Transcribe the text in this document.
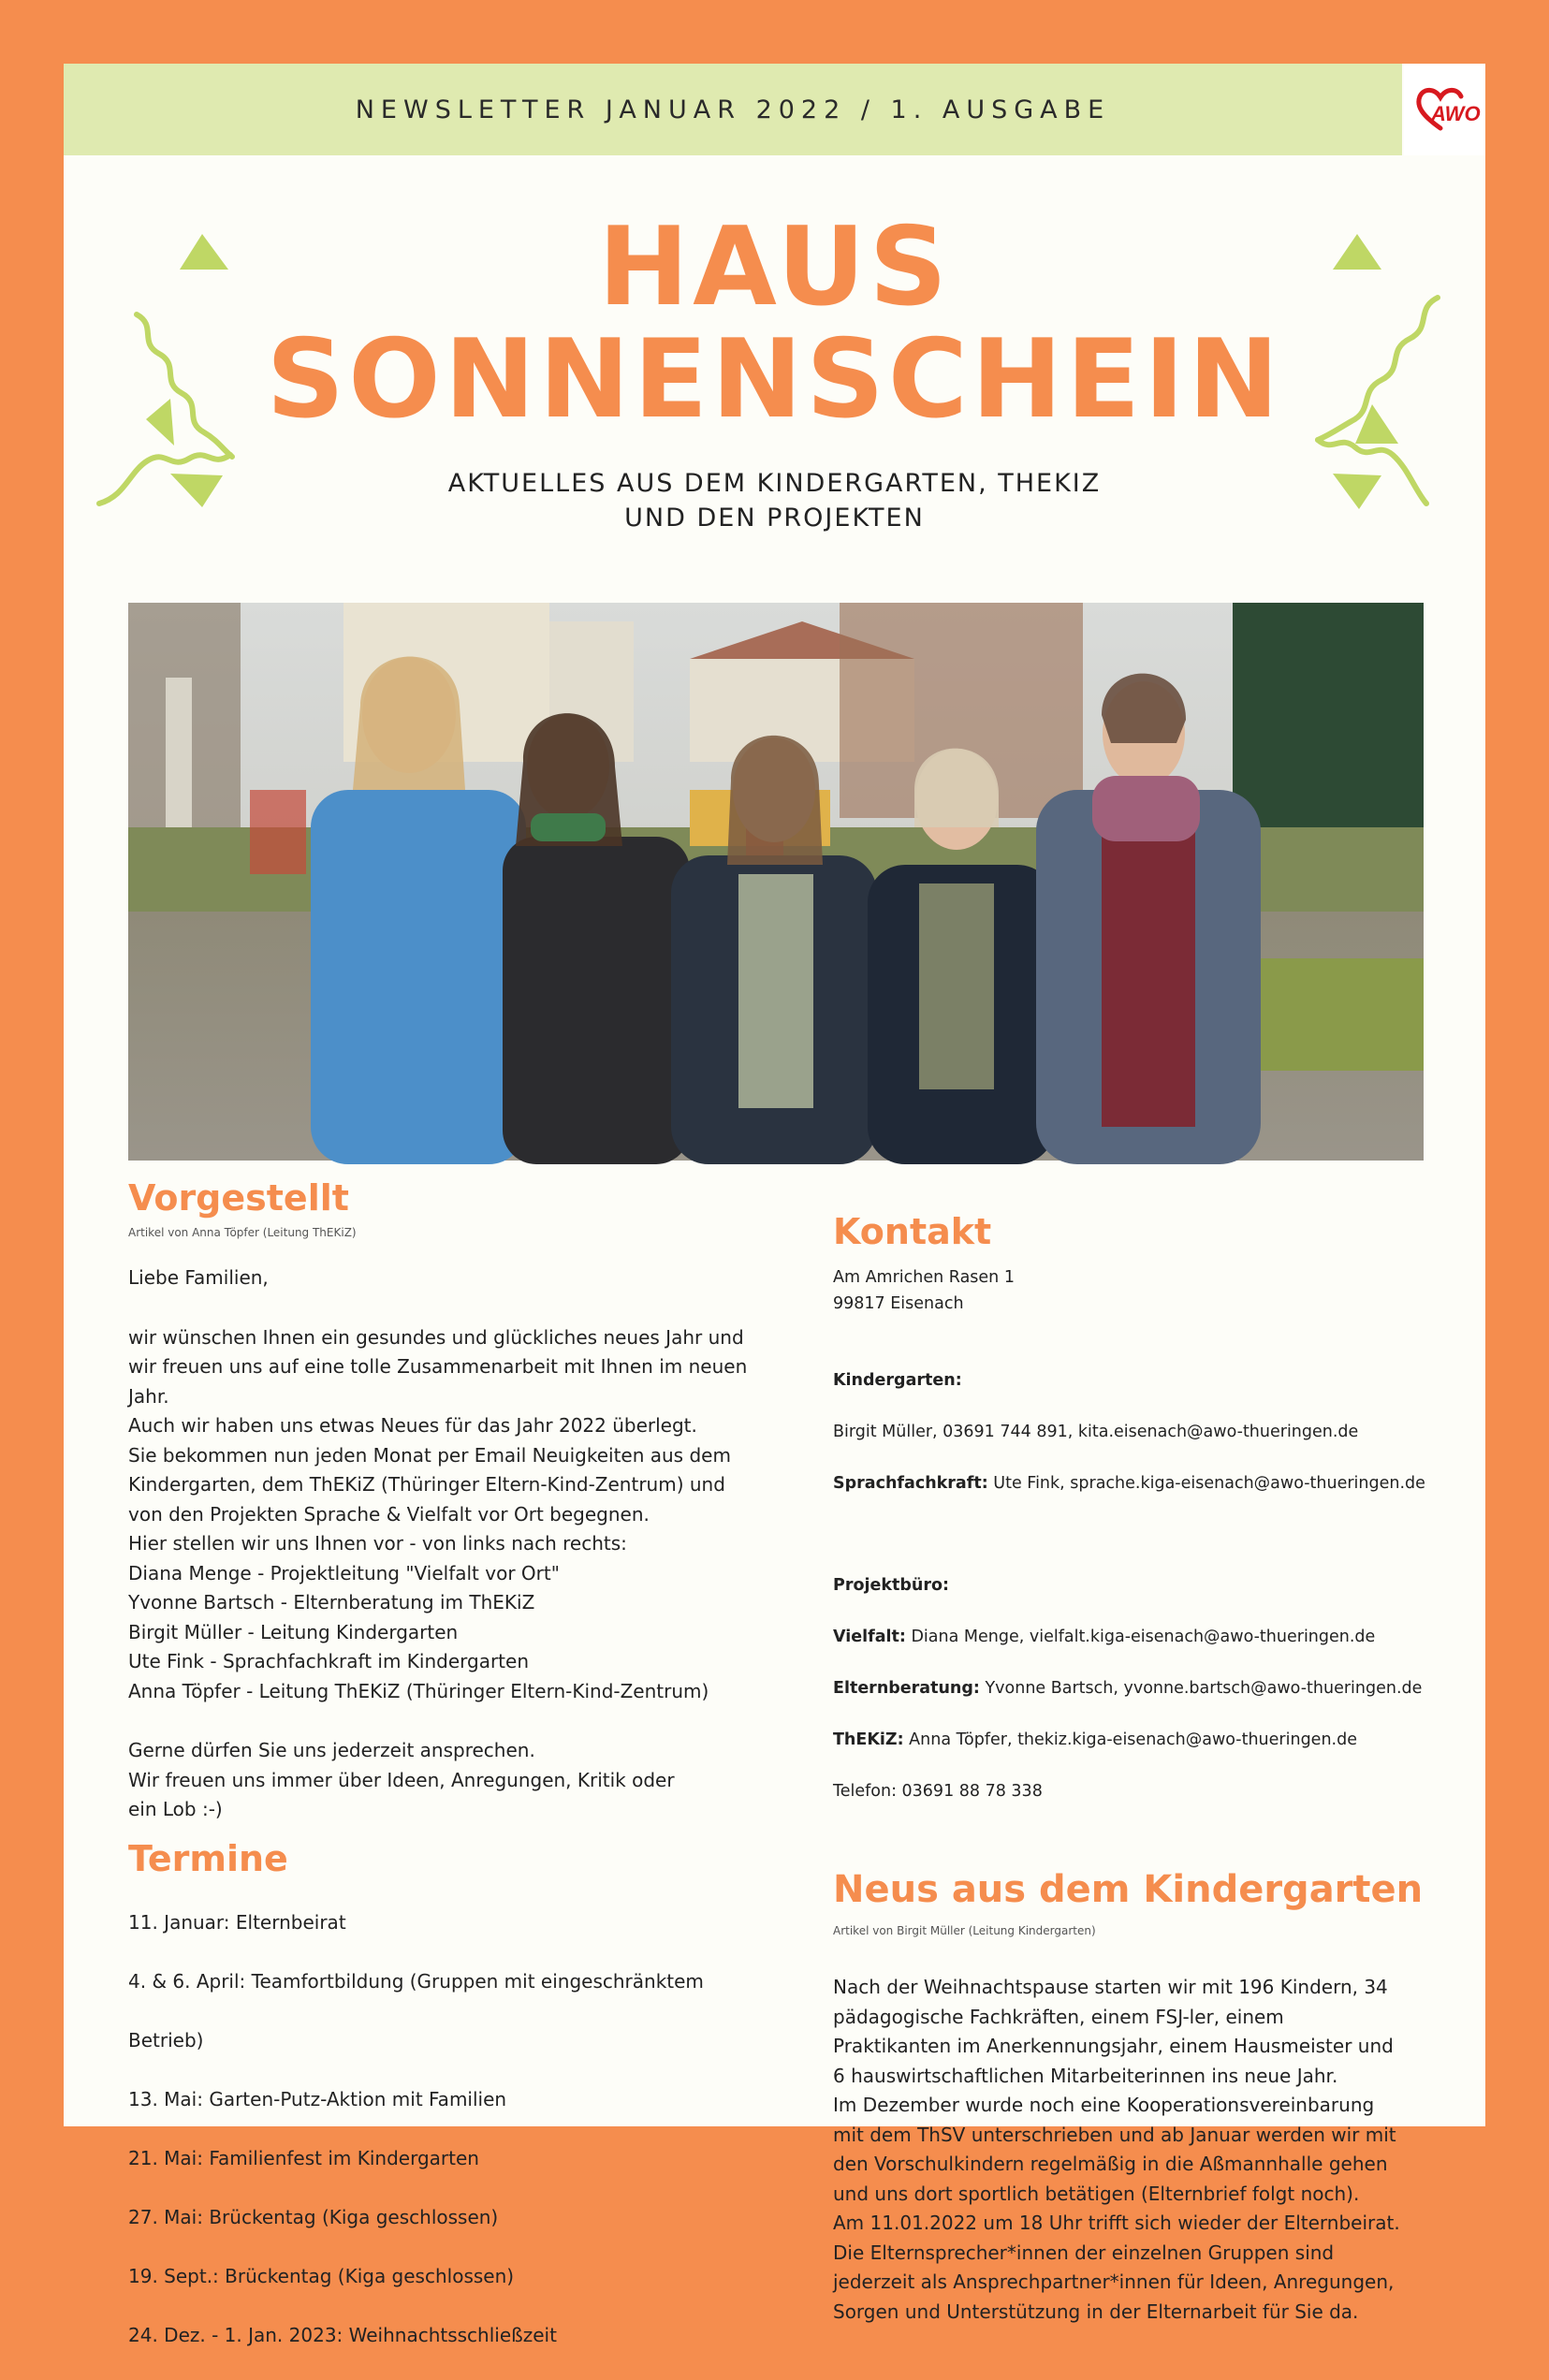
NEWSLETTER JANUAR 2022 / 1. AUSGABE	AWO
HAUS
SONNENSCHEIN
AKTUELLES AUS DEM KINDERGARTEN, THEKIZ
UND DEN PROJEKTEN
Vorgestellt

Artikel von Anna Töpfer (Leitung ThEKiZ)

Liebe Familien,

wir wünschen Ihnen ein gesundes und glückliches neues Jahr und
wir freuen uns auf eine tolle Zusammenarbeit mit Ihnen im neuen
Jahr.
Auch wir haben uns etwas Neues für das Jahr 2022 überlegt.
Sie bekommen nun jeden Monat per Email Neuigkeiten aus dem
Kindergarten, dem ThEKiZ (Thüringer Eltern-Kind-Zentrum) und
von den Projekten Sprache & Vielfalt vor Ort begegnen.
Hier stellen wir uns Ihnen vor - von links nach rechts:
Diana Menge - Projektleitung "Vielfalt vor Ort"
Yvonne Bartsch - Elternberatung im ThEKiZ
Birgit Müller - Leitung Kindergarten
Ute Fink - Sprachfachkraft im Kindergarten
Anna Töpfer - Leitung ThEKiZ (Thüringer Eltern-Kind-Zentrum)

Gerne dürfen Sie uns jederzeit ansprechen.
Wir freuen uns immer über Ideen, Anregungen, Kritik oder
ein Lob :-)

Termine

11. Januar: Elternbeirat

4. & 6. April: Teamfortbildung (Gruppen mit eingeschränktem

Betrieb)

13. Mai: Garten-Putz-Aktion mit Familien

21. Mai: Familienfest im Kindergarten

27. Mai: Brückentag (Kiga geschlossen)

19. Sept.: Brückentag (Kiga geschlossen)

24. Dez. - 1. Jan. 2023: Weihnachtsschließzeit

Kontakt

Am Amrichen Rasen 1
99817 Eisenach

Kindergarten:

Birgit Müller, 03691 744 891, kita.eisenach@awo-thueringen.de

Sprachfachkraft: Ute Fink, sprache.kiga-eisenach@awo-thueringen.de

Projektbüro:

Vielfalt: Diana Menge, vielfalt.kiga-eisenach@awo-thueringen.de

Elternberatung: Yvonne Bartsch, yvonne.bartsch@awo-thueringen.de

ThEKiZ: Anna Töpfer, thekiz.kiga-eisenach@awo-thueringen.de

Telefon: 03691 88 78 338

Neus aus dem Kindergarten

Artikel von Birgit Müller (Leitung Kindergarten)

Nach der Weihnachtspause starten wir mit 196 Kindern, 34
pädagogische Fachkräften, einem FSJ-ler, einem
Praktikanten im Anerkennungsjahr, einem Hausmeister und
6 hauswirtschaftlichen Mitarbeiterinnen ins neue Jahr.
Im Dezember wurde noch eine Kooperationsvereinbarung
mit dem ThSV unterschrieben und ab Januar werden wir mit
den Vorschulkindern regelmäßig in die Aßmannhalle gehen
und uns dort sportlich betätigen (Elternbrief folgt noch).
Am 11.01.2022 um 18 Uhr trifft sich wieder der Elternbeirat.
Die Elternsprecher*innen der einzelnen Gruppen sind
jederzeit als Ansprechpartner*innen für Ideen, Anregungen,
Sorgen und Unterstützung in der Elternarbeit für Sie da.
